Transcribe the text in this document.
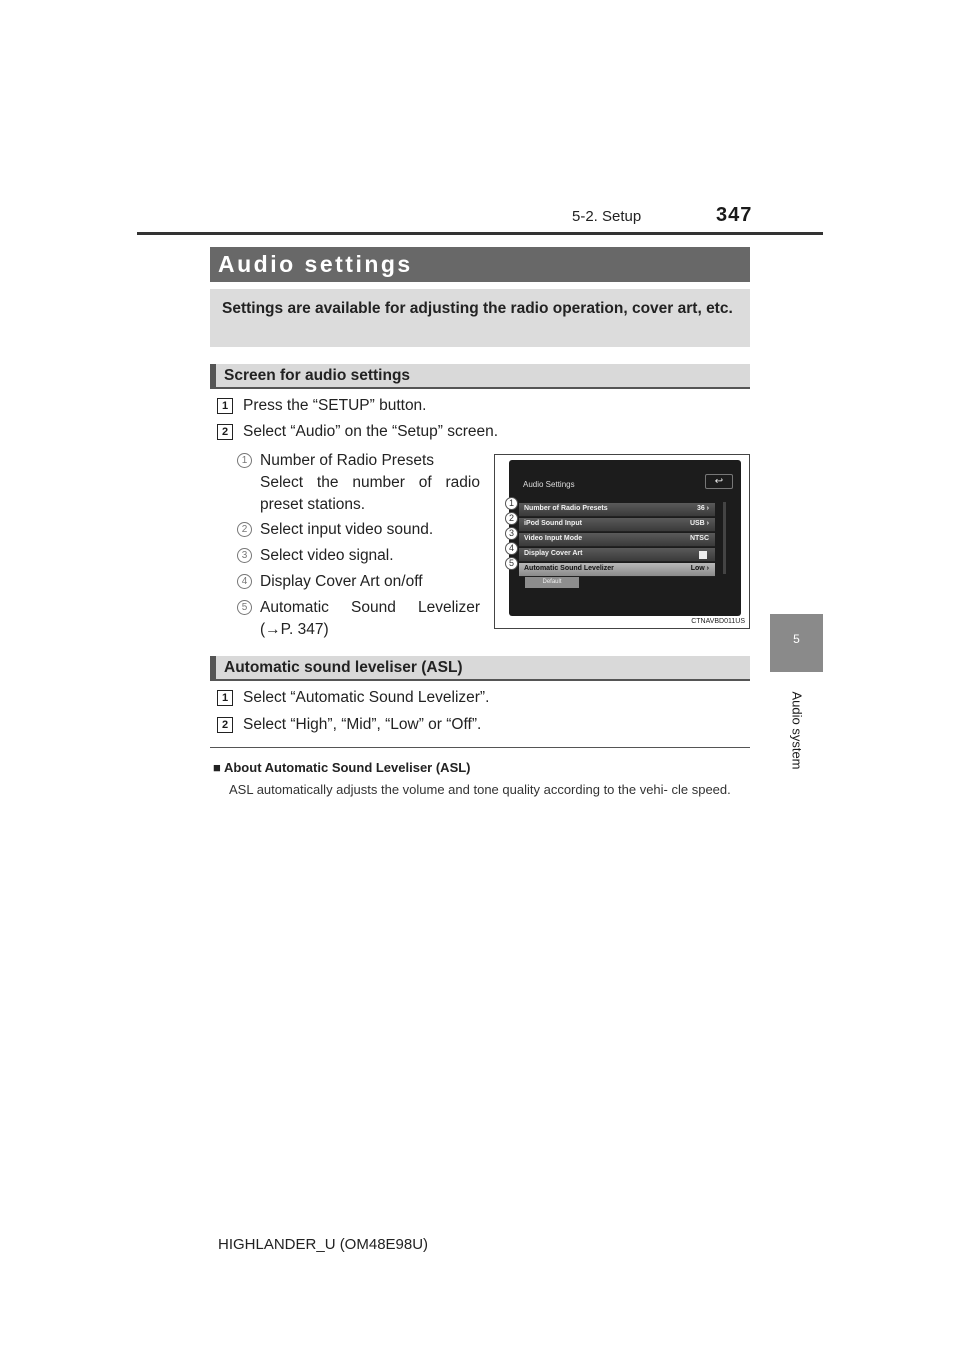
5-2. Setup	347
5
Audio system
Audio settings
Settings are available for adjusting the radio operation, cover art, etc.
Screen for audio settings
1 Press the “SETUP” button.
2 Select “Audio” on the “Setup” screen.
1 Number of Radio Presets
Select the number of radio
preset stations.
2 Select input video sound.
3 Select video signal.
4 Display Cover Art on/off
5 Automatic Sound Levelizer
(→P. 347)
Audio Settings	↩
Number of Radio Presets	36 ›
iPod Sound Input	USB ›
Video Input Mode	NTSC
Display Cover Art
Automatic Sound Levelizer	Low ›
Default
1
2
3
4
5
CTNAVBD011US
Automatic sound leveliser (ASL)
1 Select “Automatic Sound Levelizer”.
2 Select “High”, “Mid”, “Low” or “Off”.
■ About Automatic Sound Leveliser (ASL)
ASL automatically adjusts the volume and tone quality according to the vehi- cle speed.
HIGHLANDER_U (OM48E98U)
